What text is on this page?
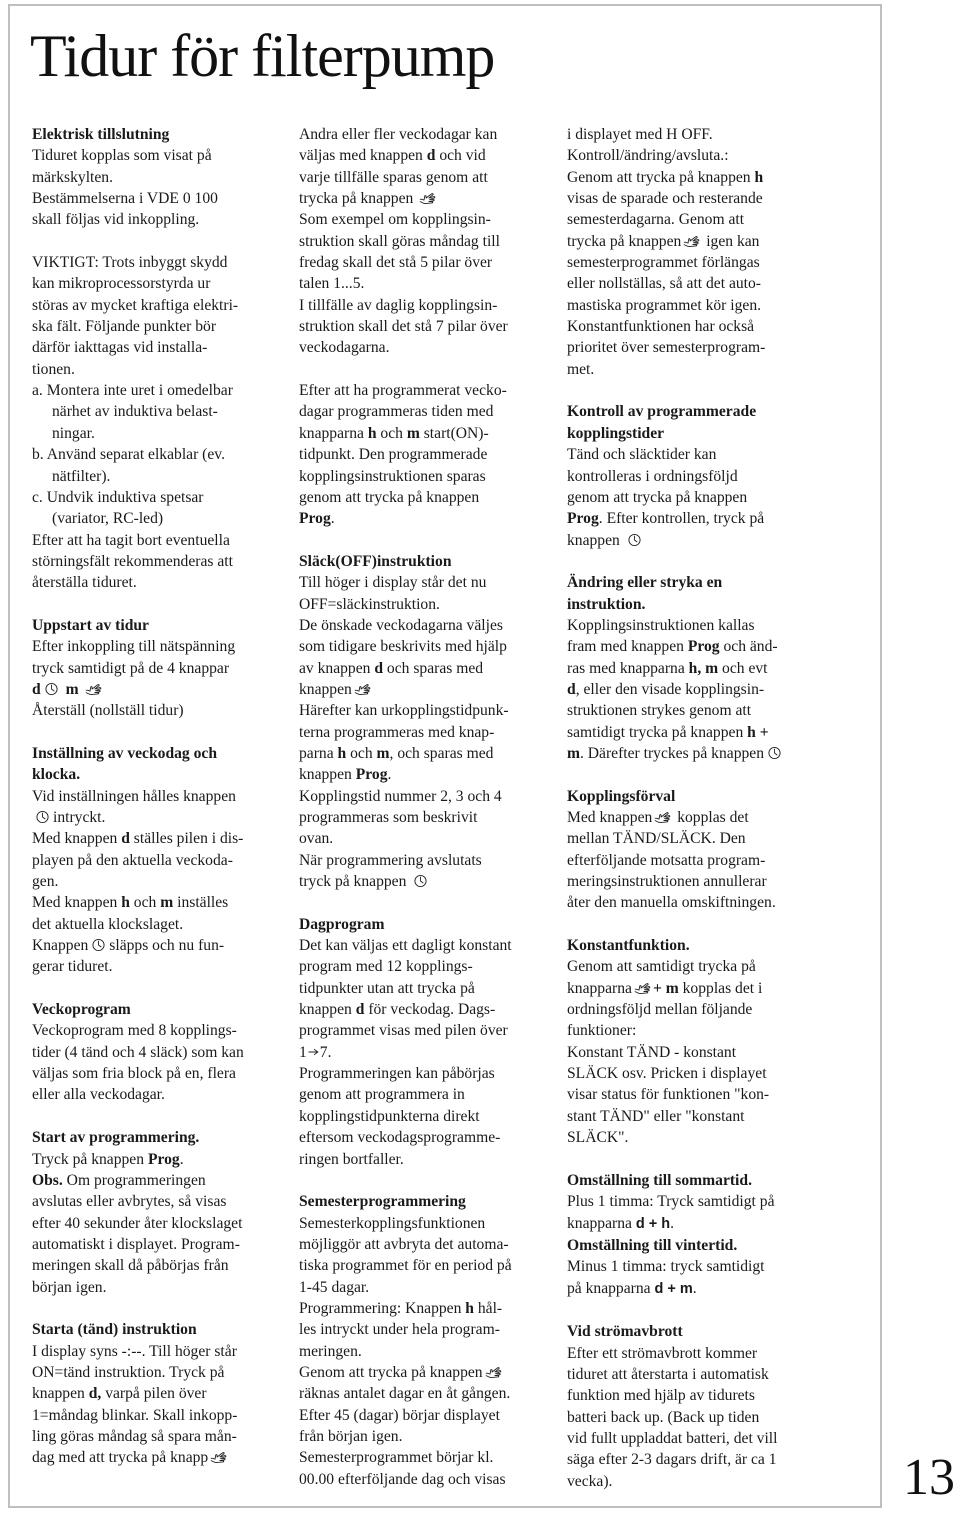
Tidur för filterpump

Elektrisk tillslutning
Tiduret kopplas som visat på
märkskylten.
Bestämmelserna i VDE 0 100
skall följas vid inkoppling.

VIKTIGT: Trots inbyggt skydd
kan mikroprocessorstyrda ur
störas av mycket kraftiga elektri-
ska fält. Följande punkter bör
därför iakttagas vid installa-
tionen.

a. Montera inte uret i omedelbar
närhet av induktiva belast-
ningar.
b. Använd separat elkablar (ev.
nätfilter).
c. Undvik induktiva spetsar
(variator, RC-led)
Efter att ha tagit bort eventuella
störningsfält rekommenderas att
återställa tiduret.

Uppstart av tidur
Efter inkoppling till nätspänning
tryck samtidigt på de 4 knappar
d m

Återställ (nollställ tidur)

Inställning av veckodag och
klocka.
Vid inställningen hålles knappen

intryckt.
Med knappen d ställes pilen i dis-
playen på den aktuella veckoda-
gen.
Med knappen h och m inställes
det aktuella klockslaget.
Knappen släpps och nu fun-
gerar tiduret.

Veckoprogram
Veckoprogram med 8 kopplings-
tider (4 tänd och 4 släck) som kan
väljas som fria block på en, flera
eller alla veckodagar.

Start av programmering.
Tryck på knappen Prog.
Obs. Om programmeringen
avslutas eller avbrytes, så visas
efter 40 sekunder åter klockslaget
automatiskt i displayet. Program-
meringen skall då påbörjas från
början igen.

Starta (tänd) instruktion
I display syns -:--. Till höger står
ON=tänd instruktion. Tryck på
knappen d, varpå pilen över
1=måndag blinkar. Skall inkopp-
ling göras måndag så spara mån-
dag med att trycka på knapp

Andra eller fler veckodagar kan
väljas med knappen d och vid
varje tillfälle sparas genom att
trycka på knappen

Som exempel om kopplingsin-
struktion skall göras måndag till
fredag skall det stå 5 pilar över
talen 1...5.
I tillfälle av daglig kopplingsin-
struktion skall det stå 7 pilar över
veckodagarna.

Efter att ha programmerat vecko-
dagar programmeras tiden med
knapparna h och m start(ON)-
tidpunkt. Den programmerade
kopplingsinstruktionen sparas
genom att trycka på knappen
Prog.

Släck(OFF)instruktion
Till höger i display står det nu
OFF=släckinstruktion.
De önskade veckodagarna väljes
som tidigare beskrivits med hjälp
av knappen d och sparas med
knappen

Härefter kan urkopplingstidpunk-
terna programmeras med knap-
parna h och m, och sparas med
knappen Prog.
Kopplingstid nummer 2, 3 och 4
programmeras som beskrivit
ovan.
När programmering avslutats
tryck på knappen

Dagprogram
Det kan väljas ett dagligt konstant
program med 12 kopplings-
tidpunkter utan att trycka på
knappen d för veckodag. Dags-
programmet visas med pilen över
1 7.
Programmeringen kan påbörjas
genom att programmera in
kopplingstidpunkterna direkt
eftersom veckodagsprogramme-
ringen bortfaller.

Semesterprogrammering
Semesterkopplingsfunktionen
möjliggör att avbryta det automa-
tiska programmet för en period på
1-45 dagar.
Programmering: Knappen h hål-
les intryckt under hela program-
meringen.
Genom att trycka på knappen

räknas antalet dagar en åt gången.
Efter 45 (dagar) börjar displayet
från början igen.
Semesterprogrammet börjar kl.
00.00 efterföljande dag och visas

i displayet med H OFF.
Kontroll/ändring/avsluta.:
Genom att trycka på knappen h
visas de sparade och resterande
semesterdagarna. Genom att
trycka på knappen
igen kan
semesterprogrammet förlängas
eller nollställas, så att det auto-
mastiska programmet kör igen.
Konstantfunktionen har också
prioritet över semesterprogram-
met.

Kontroll av programmerade
kopplingstider
Tänd och släcktider kan
kontrolleras i ordningsföljd
genom att trycka på knappen
Prog. Efter kontrollen, tryck på
knappen

Ändring eller stryka en
instruktion.
Kopplingsinstruktionen kallas
fram med knappen Prog och änd-
ras med knapparna h, m och evt
d, eller den visade kopplingsin-
struktionen strykes genom att
samtidigt trycka på knappen h +
m. Därefter tryckes på knappen

Kopplingsförval
Med knappen
kopplas det
mellan TÄND/SLÄCK. Den
efterföljande motsatta program-
meringsinstruktionen annullerar
åter den manuella omskiftningen.

Konstantfunktion.
Genom att samtidigt trycka på
knapparna + m kopplas det i
ordningsföljd mellan följande
funktioner:
Konstant TÄND - konstant
SLÄCK osv. Pricken i displayet
visar status för funktionen "kon-
stant TÄND" eller "konstant
SLÄCK".

Omställning till sommartid.
Plus 1 timma: Tryck samtidigt på
knapparna d + h.
Omställning till vintertid.
Minus 1 timma: tryck samtidigt
på knapparna d + m.

Vid strömavbrott
Efter ett strömavbrott kommer
tiduret att återstarta i automatisk
funktion med hjälp av tidurets
batteri back up. (Back up tiden
vid fullt uppladdat batteri, det vill
säga efter 2-3 dagars drift, är ca 1
vecka).	13
